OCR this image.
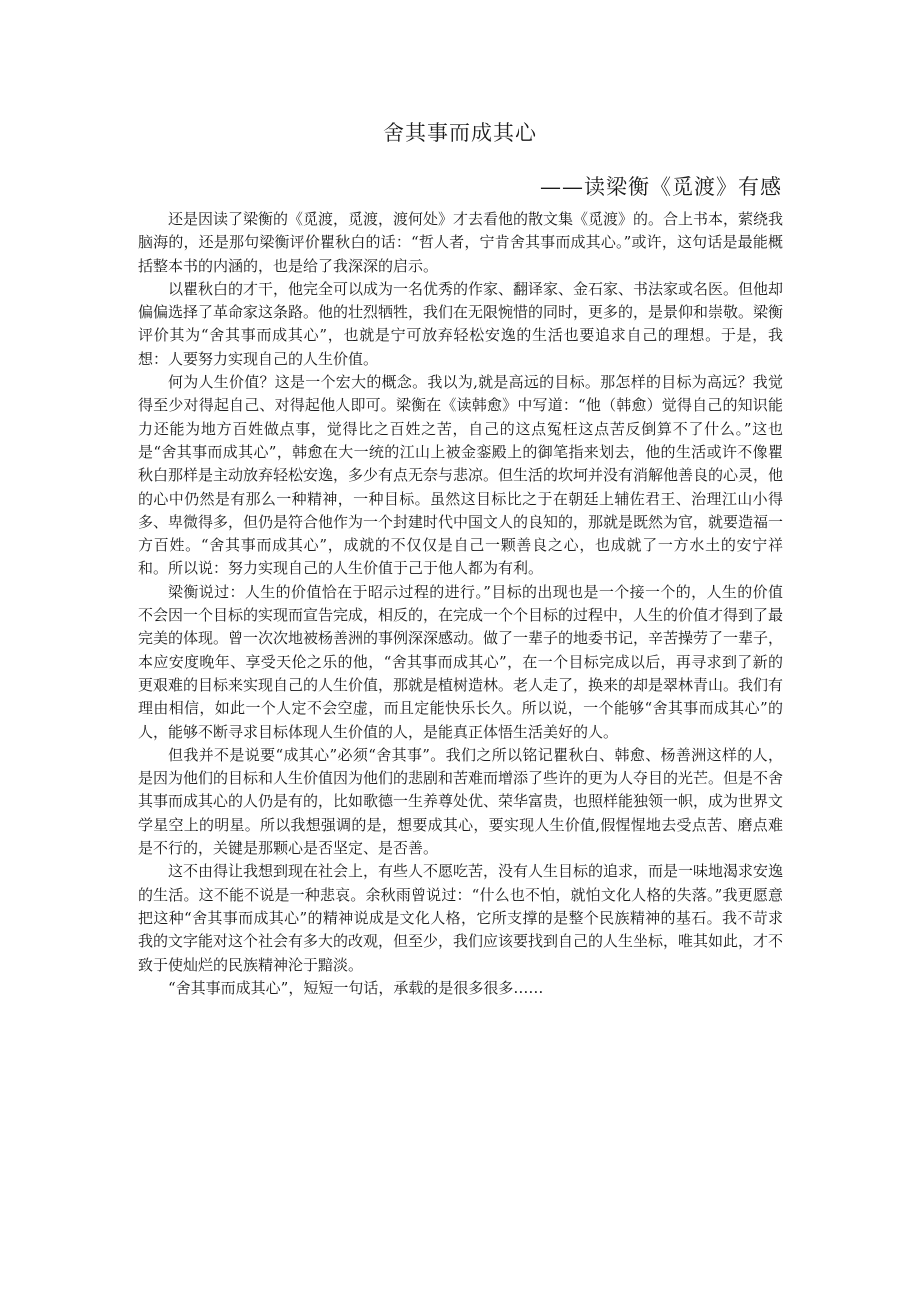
舍其事而成其心
——读梁衡《觅渡》有感

还是因读了梁衡的《觅渡，觅渡，渡何处》才去看他的散文集《觅渡》的。合上书本，萦绕我脑海的，还是那句梁衡评价瞿秋白的话：“哲人者，宁肯舍其事而成其心。”或许，这句话是最能概括整本书的内涵的，也是给了我深深的启示。

以瞿秋白的才干，他完全可以成为一名优秀的作家、翻译家、金石家、书法家或名医。但他却偏偏选择了革命家这条路。他的壮烈牺牲，我们在无限惋惜的同时，更多的，是景仰和崇敬。梁衡评价其为“舍其事而成其心”，也就是宁可放弃轻松安逸的生活也要追求自己的理想。于是，我想：人要努力实现自己的人生价值。

何为人生价值？这是一个宏大的概念。我以为,就是高远的目标。那怎样的目标为高远？我觉得至少对得起自己、对得起他人即可。梁衡在《读韩愈》中写道：“他（韩愈）觉得自己的知识能力还能为地方百姓做点事，觉得比之百姓之苦，自己的这点冤枉这点苦反倒算不了什么。”这也是“舍其事而成其心”，韩愈在大一统的江山上被金銮殿上的御笔指来划去，他的生活或许不像瞿秋白那样是主动放弃轻松安逸，多少有点无奈与悲凉。但生活的坎坷并没有消解他善良的心灵，他的心中仍然是有那么一种精神，一种目标。虽然这目标比之于在朝廷上辅佐君王、治理江山小得多、卑微得多，但仍是符合他作为一个封建时代中国文人的良知的，那就是既然为官，就要造福一方百姓。“舍其事而成其心”，成就的不仅仅是自己一颗善良之心，也成就了一方水土的安宁祥和。所以说：努力实现自己的人生价值于己于他人都为有利。

梁衡说过：人生的价值恰在于昭示过程的进行。”目标的出现也是一个接一个的，人生的价值不会因一个目标的实现而宣告完成，相反的，在完成一个个目标的过程中，人生的价值才得到了最完美的体现。曾一次次地被杨善洲的事例深深感动。做了一辈子的地委书记，辛苦操劳了一辈子，本应安度晚年、享受天伦之乐的他，“舍其事而成其心”，在一个目标完成以后，再寻求到了新的更艰难的目标来实现自己的人生价值，那就是植树造林。老人走了，换来的却是翠林青山。我们有理由相信，如此一个人定不会空虚，而且定能快乐长久。所以说，一个能够“舍其事而成其心”的人，能够不断寻求目标体现人生价值的人，是能真正体悟生活美好的人。

但我并不是说要“成其心”必须“舍其事”。我们之所以铭记瞿秋白、韩愈、杨善洲这样的人，是因为他们的目标和人生价值因为他们的悲剧和苦难而增添了些许的更为人夺目的光芒。但是不舍其事而成其心的人仍是有的，比如歌德一生养尊处优、荣华富贵，也照样能独领一帜，成为世界文学星空上的明星。所以我想强调的是，想要成其心，要实现人生价值,假惺惺地去受点苦、磨点难是不行的，关键是那颗心是否坚定、是否善。

这不由得让我想到现在社会上，有些人不愿吃苦，没有人生目标的追求，而是一味地渴求安逸的生活。这不能不说是一种悲哀。余秋雨曾说过：“什么也不怕，就怕文化人格的失落。”我更愿意把这种“舍其事而成其心”的精神说成是文化人格，它所支撑的是整个民族精神的基石。我不苛求我的文字能对这个社会有多大的改观，但至少，我们应该要找到自己的人生坐标，唯其如此，才不致于使灿烂的民族精神沦于黯淡。

“舍其事而成其心”，短短一句话，承载的是很多很多……
